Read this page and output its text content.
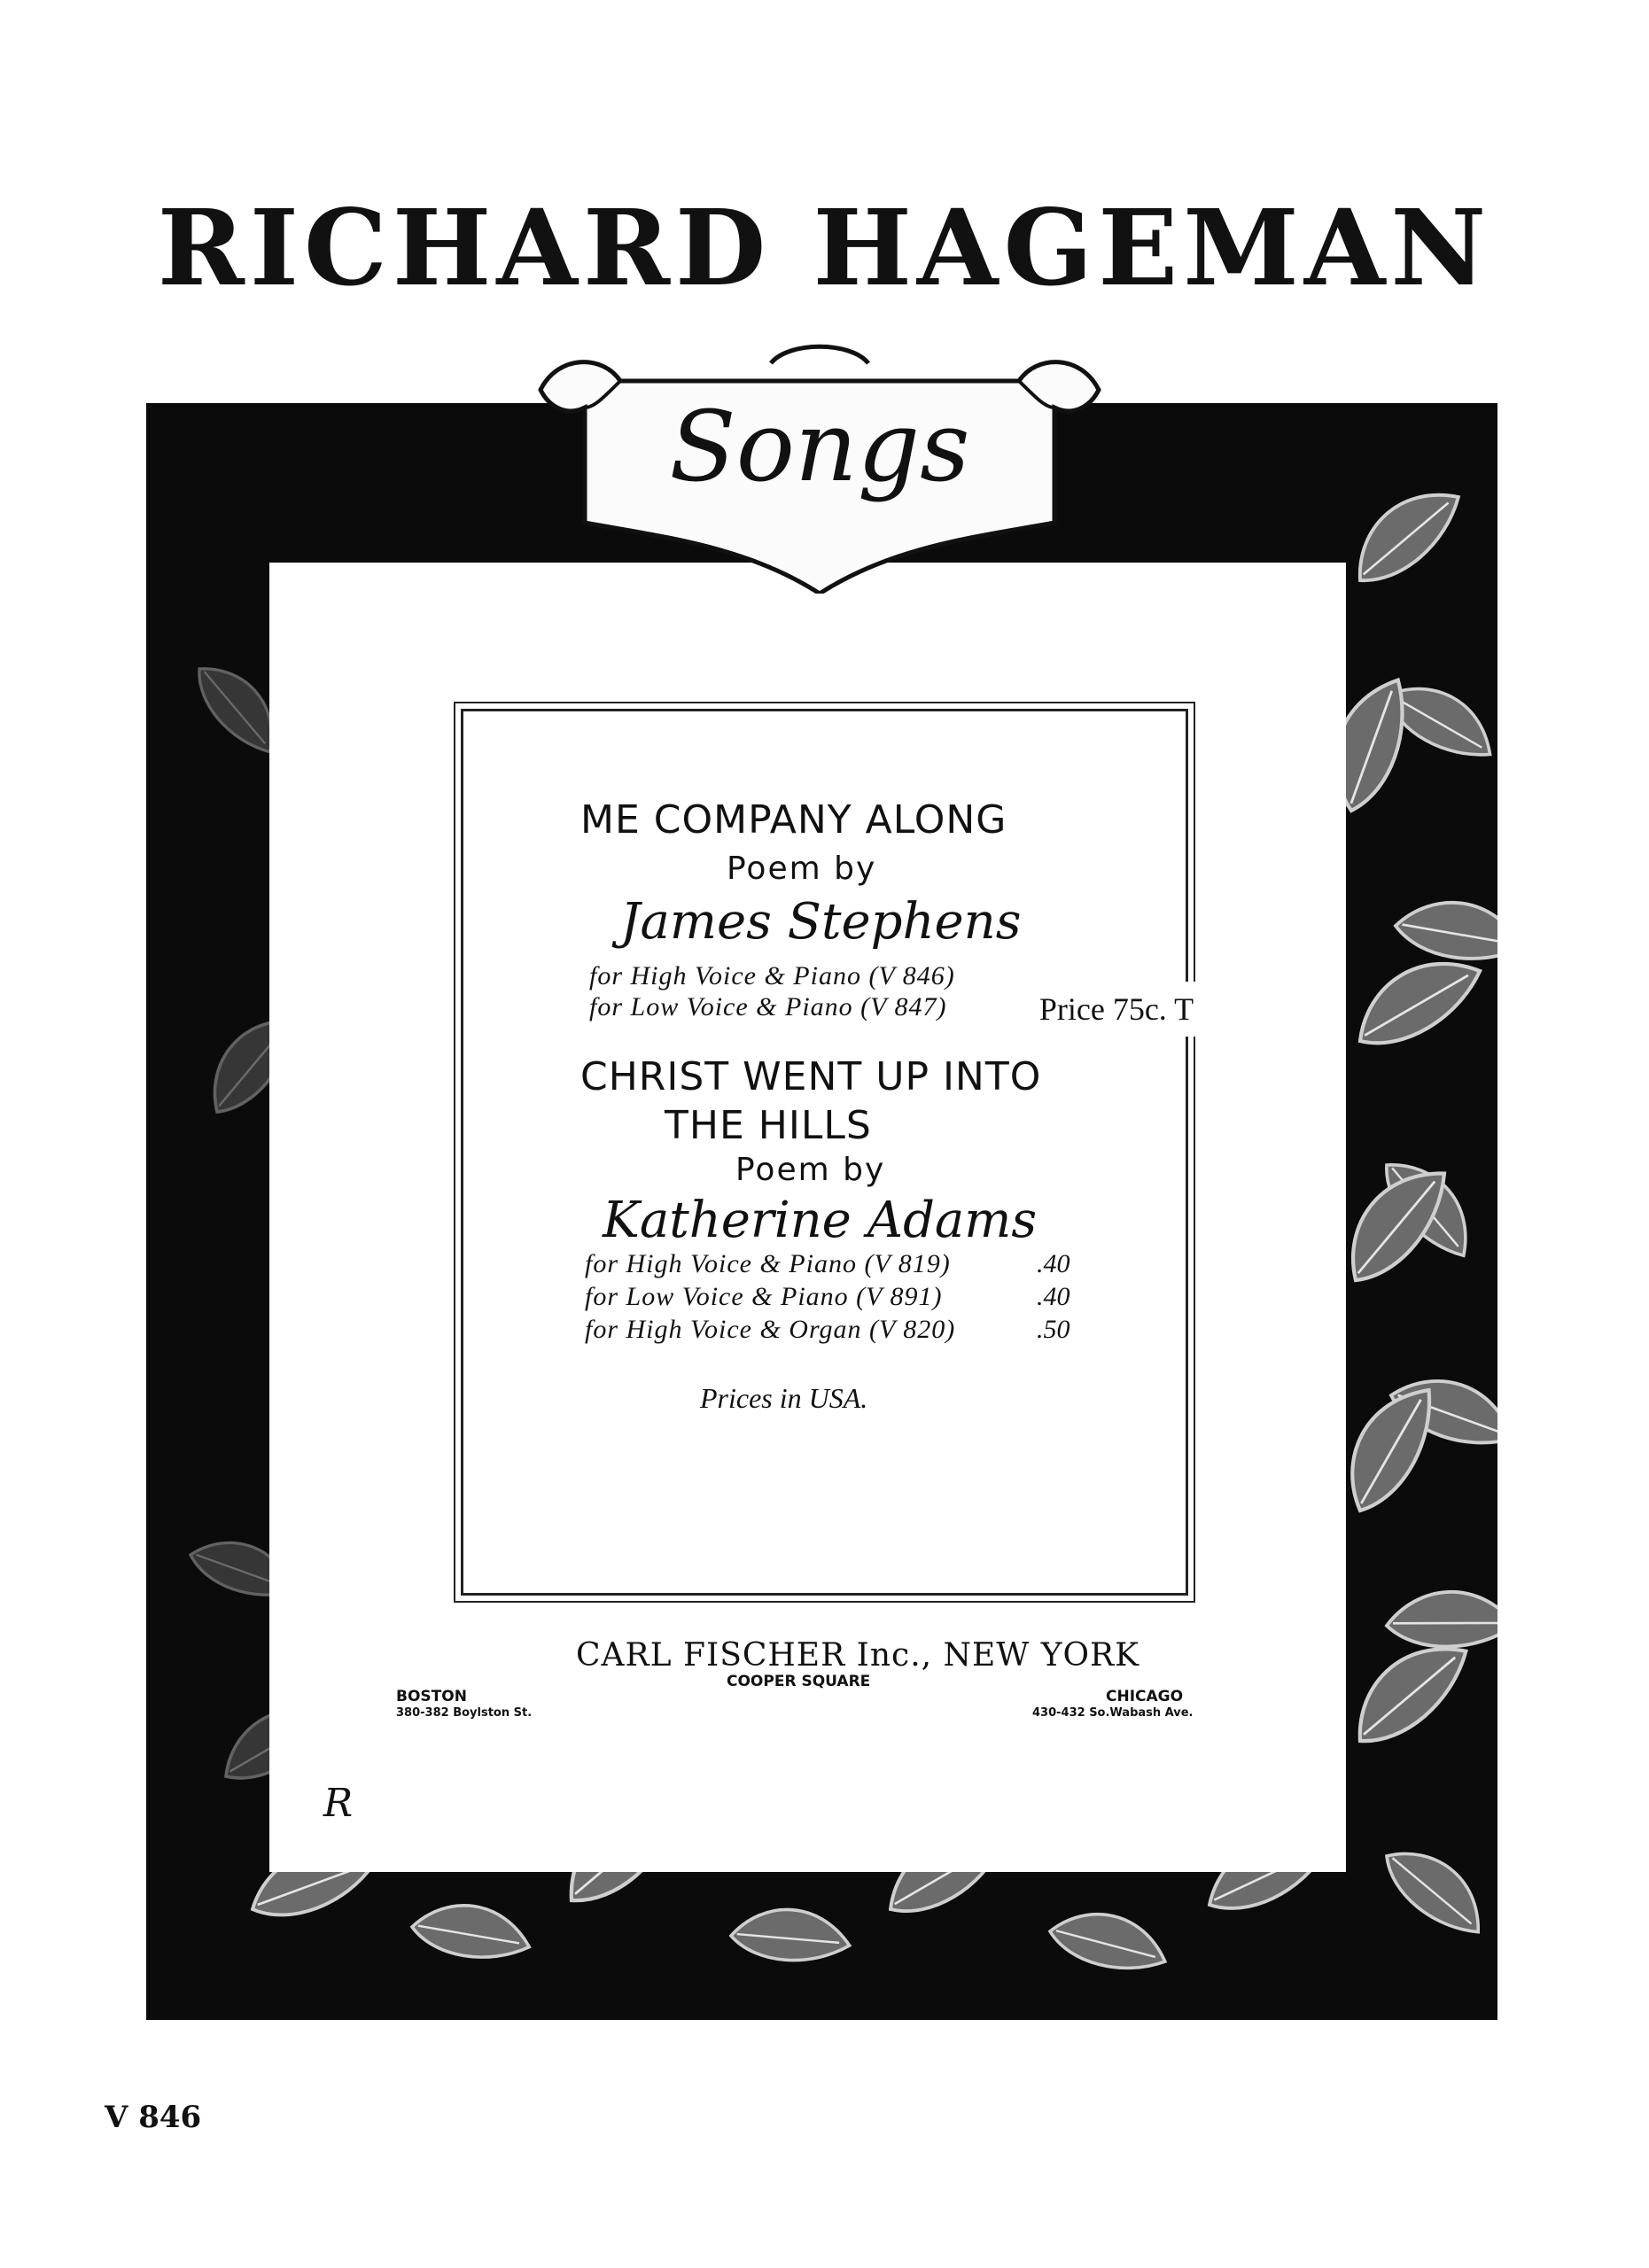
RICHARD HAGEMAN
Songs
ME COMPANY ALONG
Poem by
James Stephens
for High Voice & Piano (V 846)
for Low Voice & Piano (V 847)	Price 75c. T
CHRIST WENT UP INTO
THE HILLS
Poem by
Katherine Adams
for High Voice & Piano (V 819)	.40
for Low Voice & Piano (V 891)	.40
for High Voice & Organ (V 820)	.50
Prices in USA.
CARL FISCHER Inc., NEW YORK
COOPER SQUARE
BOSTON
380-382 Boylston St.
CHICAGO
430-432 So.Wabash Ave.
R
V 846
